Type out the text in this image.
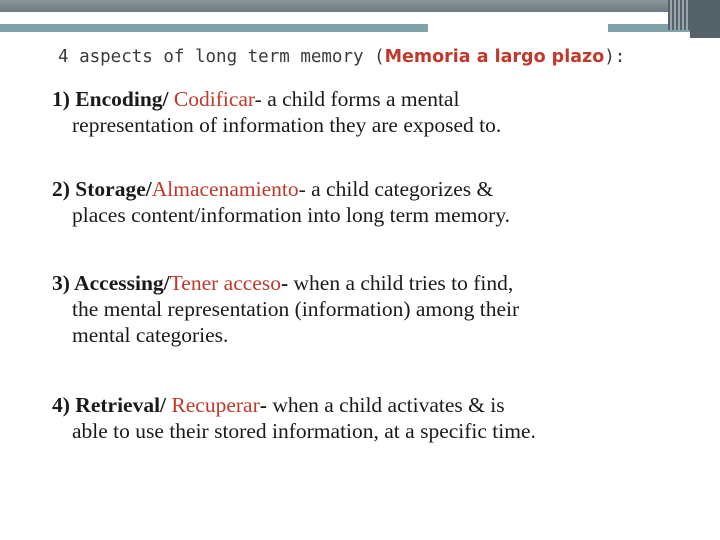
4 aspects of long term memory (Memoria a largo plazo):
1) Encoding/ Codificar- a child forms a mental
representation of information they are exposed to.
2) Storage/Almacenamiento- a child categorizes &
places content/information into long term memory.
3) Accessing/Tener acceso- when a child tries to find,
the mental representation (information) among their
mental categories.
4) Retrieval/ Recuperar- when a child activates & is
able to use their stored information, at a specific time.
